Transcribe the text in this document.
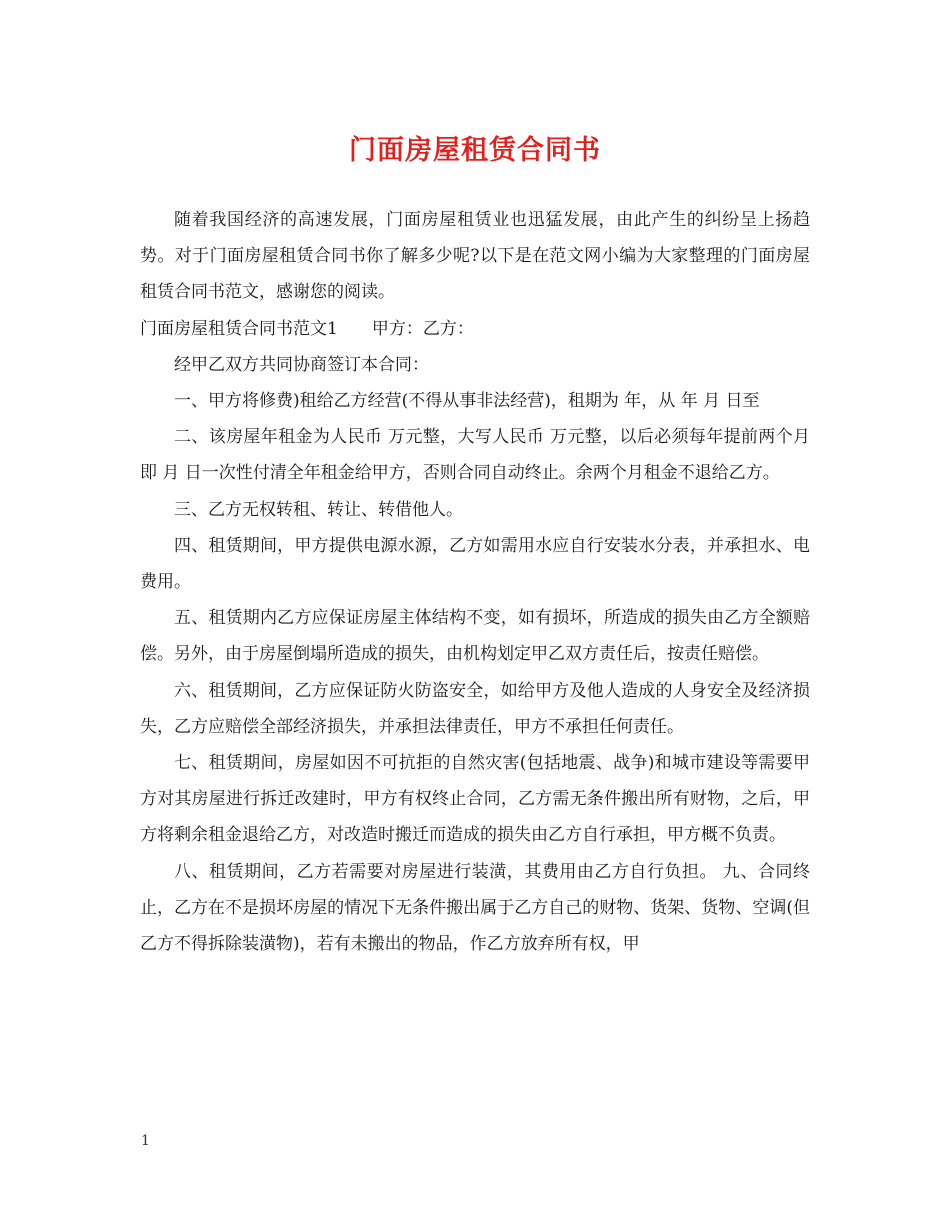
门面房屋租赁合同书

随着我国经济的高速发展，门面房屋租赁业也迅猛发展，由此产生的纠纷呈上扬趋势。对于门面房屋租赁合同书你了解多少呢?以下是在范文网小编为大家整理的门面房屋租赁合同书范文，感谢您的阅读。

门面房屋租赁合同书范文1　　甲方：乙方：

经甲乙双方共同协商签订本合同：

一、甲方将修费)租给乙方经营(不得从事非法经营)，租期为 年，从 年 月 日至

二、该房屋年租金为人民币 万元整，大写人民币 万元整，以后必须每年提前两个月即 月 日一次性付清全年租金给甲方，否则合同自动终止。余两个月租金不退给乙方。

三、乙方无权转租、转让、转借他人。

四、租赁期间，甲方提供电源水源，乙方如需用水应自行安装水分表，并承担水、电费用。

五、租赁期内乙方应保证房屋主体结构不变，如有损坏，所造成的损失由乙方全额赔偿。另外，由于房屋倒塌所造成的损失，由机构划定甲乙双方责任后，按责任赔偿。

六、租赁期间，乙方应保证防火防盗安全，如给甲方及他人造成的人身安全及经济损失，乙方应赔偿全部经济损失，并承担法律责任，甲方不承担任何责任。

七、租赁期间，房屋如因不可抗拒的自然灾害(包括地震、战争)和城市建设等需要甲方对其房屋进行拆迁改建时，甲方有权终止合同，乙方需无条件搬出所有财物，之后，甲方将剩余租金退给乙方，对改造时搬迁而造成的损失由乙方自行承担，甲方概不负责。

八、租赁期间，乙方若需要对房屋进行装潢，其费用由乙方自行负担。 九、合同终止，乙方在不是损坏房屋的情况下无条件搬出属于乙方自己的财物、货架、货物、空调(但乙方不得拆除装潢物)，若有未搬出的物品，作乙方放弃所有权，甲

1
